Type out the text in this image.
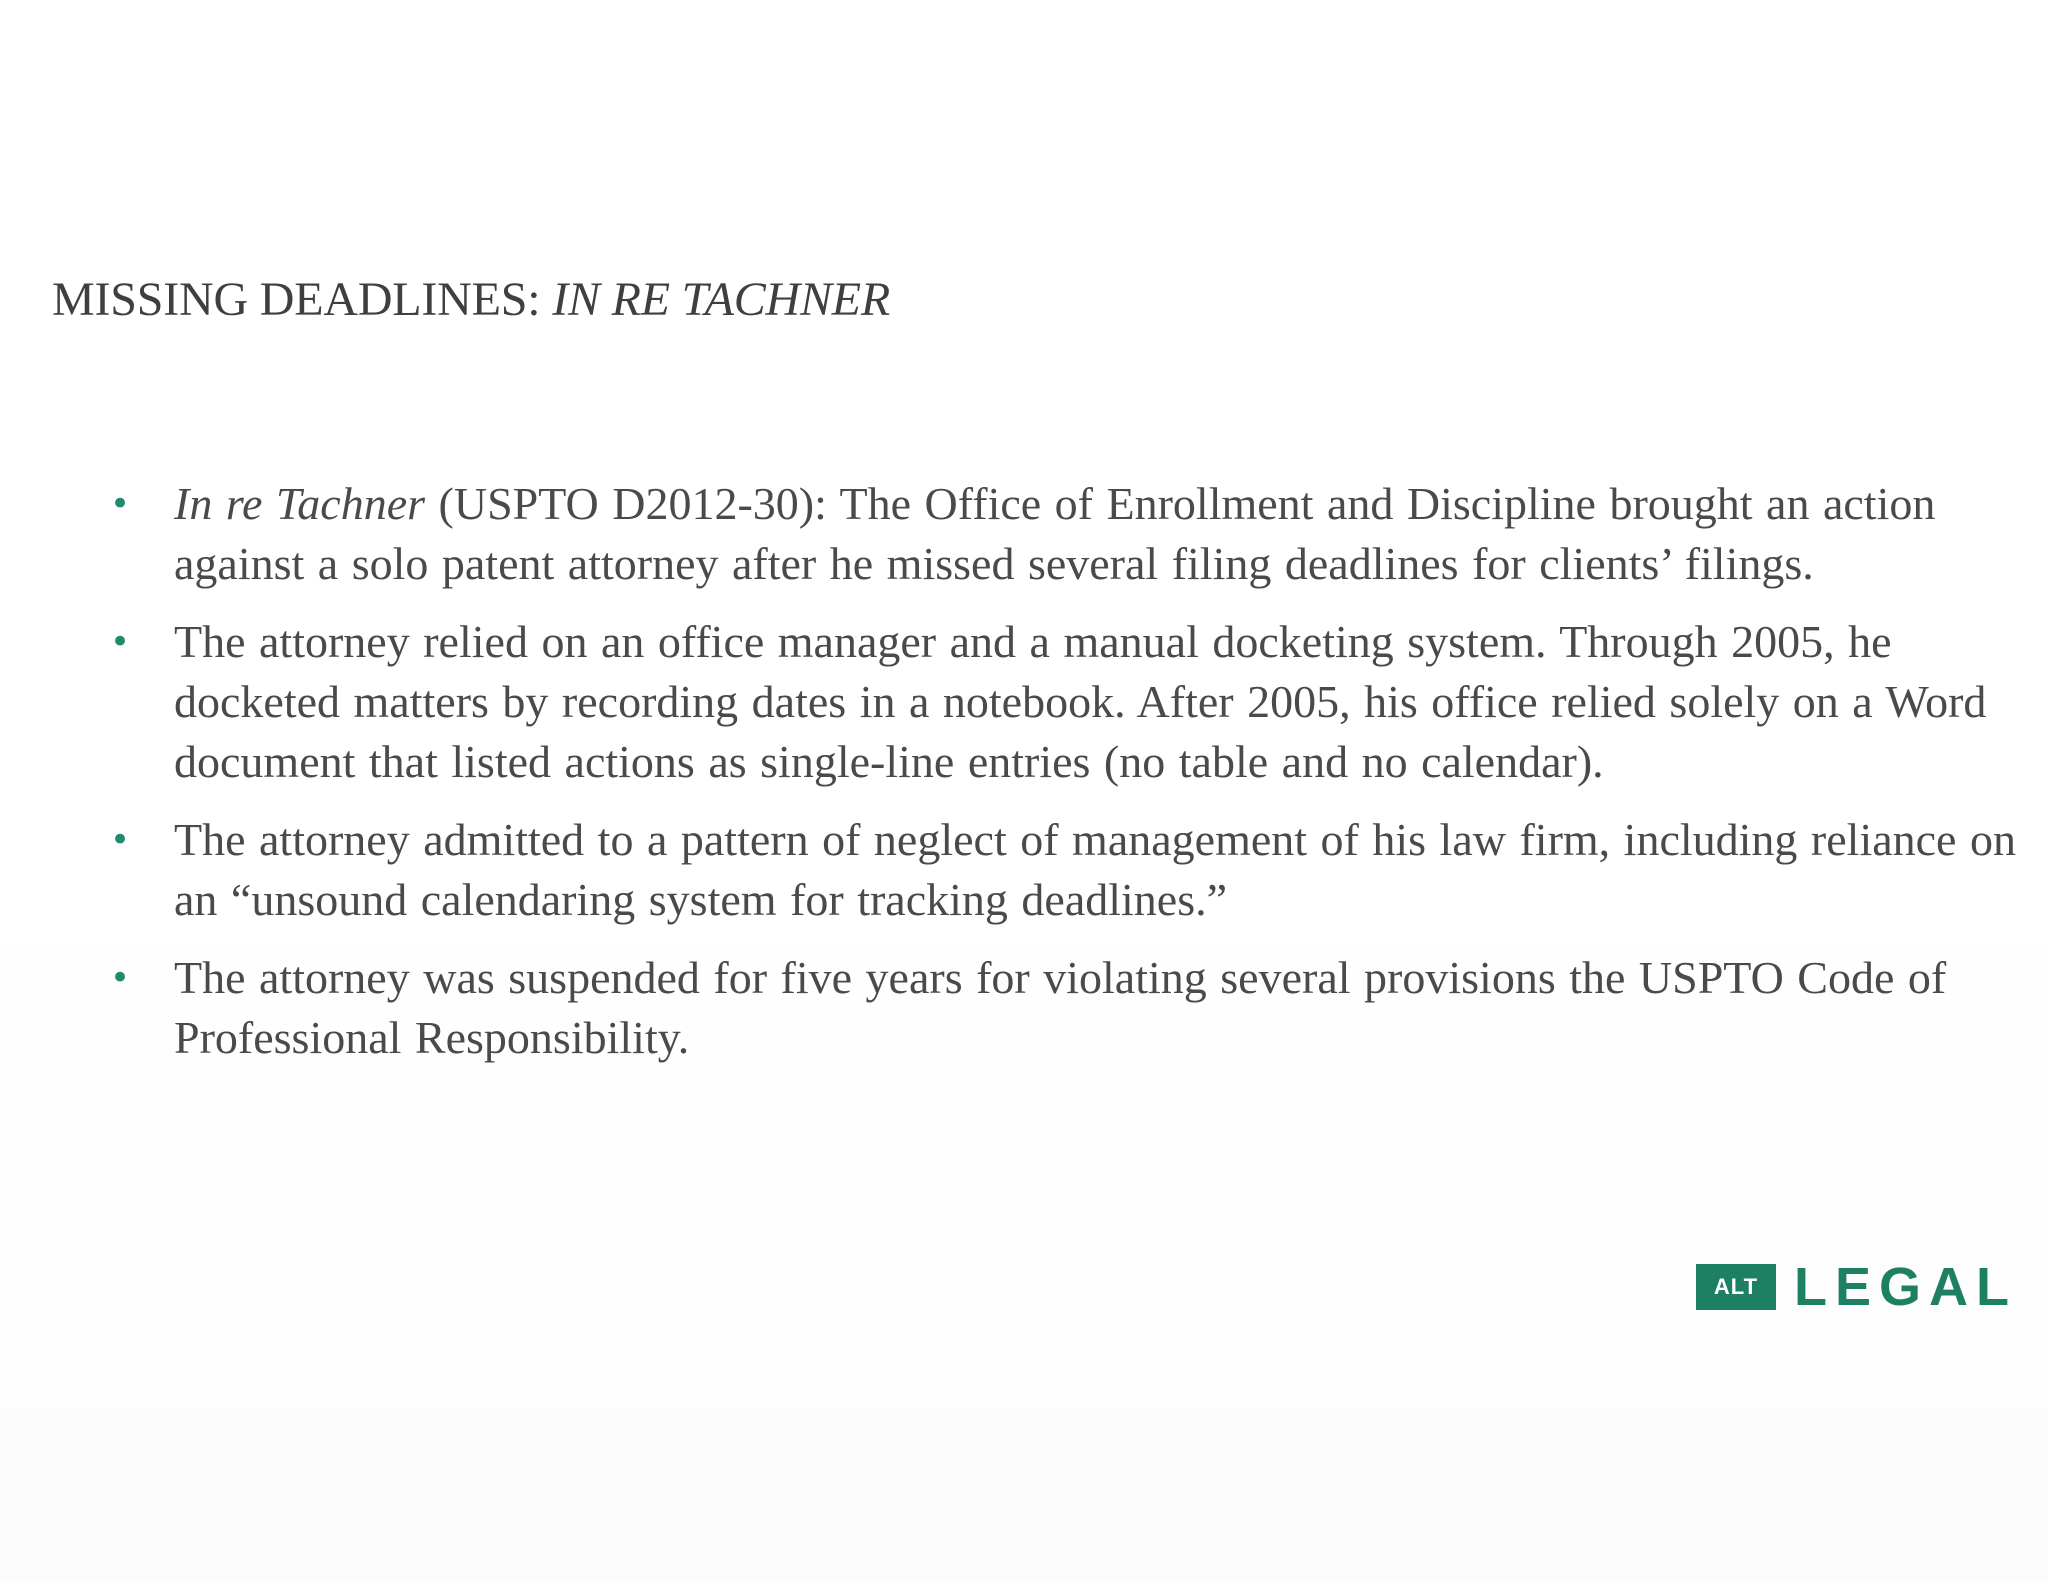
MISSING DEADLINES: IN RE TACHNER
• In re Tachner (USPTO D2012-30): The Office of Enrollment and Discipline brought an action against a solo patent attorney after he missed several filing deadlines for clients’ filings.
• The attorney relied on an office manager and a manual docketing system. Through 2005, he docketed matters by recording dates in a notebook. After 2005, his office relied solely on a Word document that listed actions as single-line entries (no table and no calendar).
• The attorney admitted to a pattern of neglect of management of his law firm, including reliance on an “unsound calendaring system for tracking deadlines.”
• The attorney was suspended for five years for violating several provisions the USPTO Code of Professional Responsibility.
ALT LEGAL
